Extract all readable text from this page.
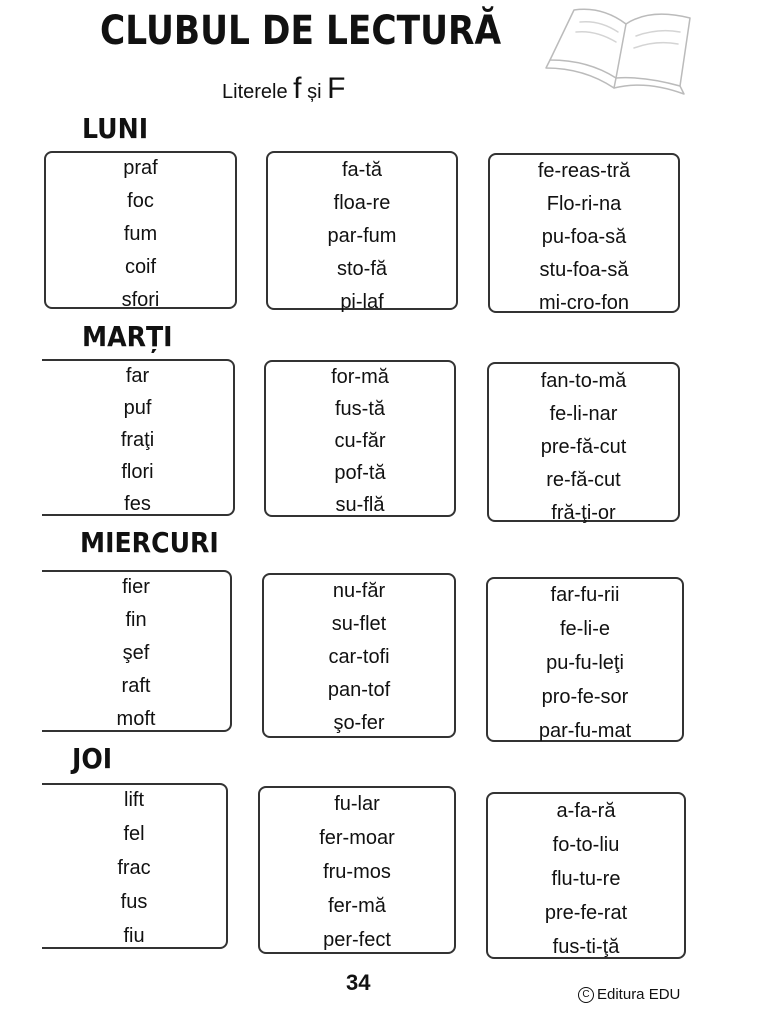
CLUBUL DE LECTURĂ
Literele f și F
LUNI
praf
foc
fum
coif
sfori
fa-tă
floa-re
par-fum
sto-fă
pi-laf
fe-reas-tră
Flo-ri-na
pu-foa-să
stu-foa-să
mi-cro-fon
MARȚI
far
puf
fraţi
flori
fes
for-mă
fus-tă
cu-făr
pof-tă
su-flă
fan-to-mă
fe-li-nar
pre-fă-cut
re-fă-cut
fră-ţi-or
MIERCURI
fier
fin
şef
raft
moft
nu-făr
su-flet
car-tofi
pan-tof
şo-fer
far-fu-rii
fe-li-e
pu-fu-leţi
pro-fe-sor
par-fu-mat
JOI
lift
fel
frac
fus
fiu
fu-lar
fer-moar
fru-mos
fer-mă
per-fect
a-fa-ră
fo-to-liu
flu-tu-re
pre-fe-rat
fus-ti-ţă
34	C Editura EDU
